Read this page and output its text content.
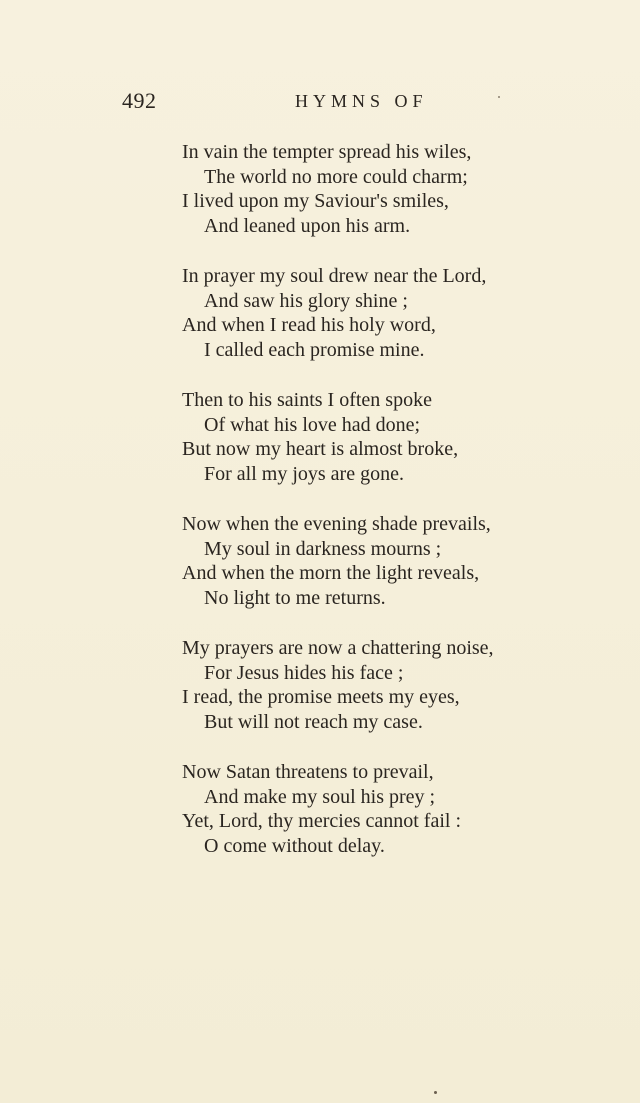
492	HYMNS OF
In vain the tempter spread his wiles,
The world no more could charm;
I lived upon my Saviour's smiles,
And leaned upon his arm.
In prayer my soul drew near the Lord,
And saw his glory shine ;
And when I read his holy word,
I called each promise mine.
Then to his saints I often spoke
Of what his love had done;
But now my heart is almost broke,
For all my joys are gone.
Now when the evening shade prevails,
My soul in darkness mourns ;
And when the morn the light reveals,
No light to me returns.
My prayers are now a chattering noise,
For Jesus hides his face ;
I read, the promise meets my eyes,
But will not reach my case.
Now Satan threatens to prevail,
And make my soul his prey ;
Yet, Lord, thy mercies cannot fail :
O come without delay.
